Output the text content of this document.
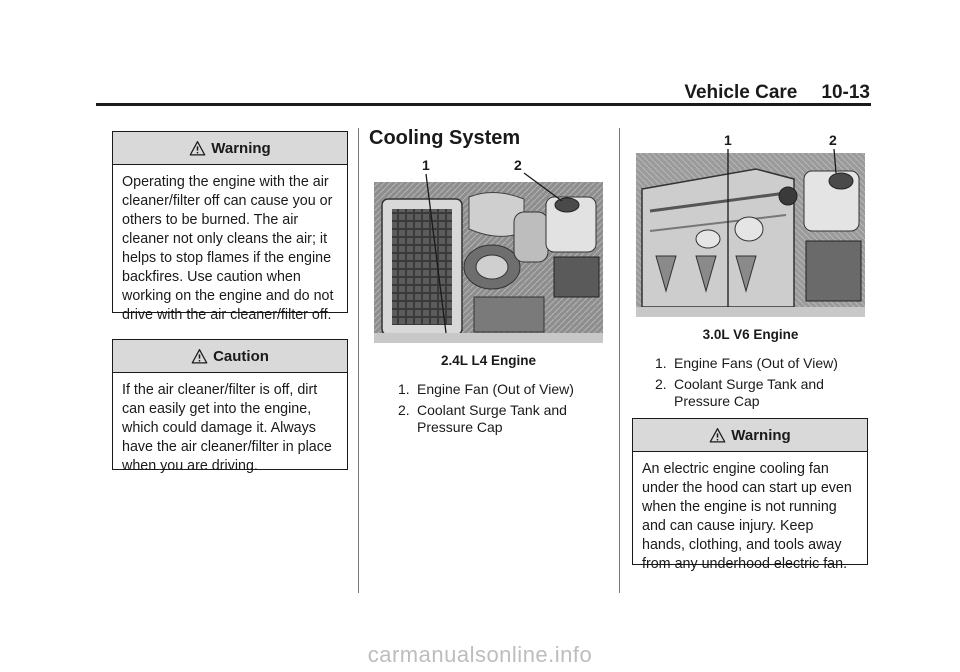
Vehicle Care 10-13
Warning
Operating the engine with the air cleaner/filter off can cause you or others to be burned. The air cleaner not only cleans the air; it helps to stop flames if the engine backfires. Use caution when working on the engine and do not drive with the air cleaner/filter off.
Caution
If the air cleaner/filter is off, dirt can easily get into the engine, which could damage it. Always have the air cleaner/filter in place when you are driving.
Cooling System
1	2
2.4L L4 Engine
1. Engine Fan (Out of View)
2. Coolant Surge Tank and Pressure Cap
1	2
3.0L V6 Engine
1. Engine Fans (Out of View)
2. Coolant Surge Tank and Pressure Cap
Warning
An electric engine cooling fan under the hood can start up even when the engine is not running and can cause injury. Keep hands, clothing, and tools away from any underhood electric fan.
carmanualsonline.info
